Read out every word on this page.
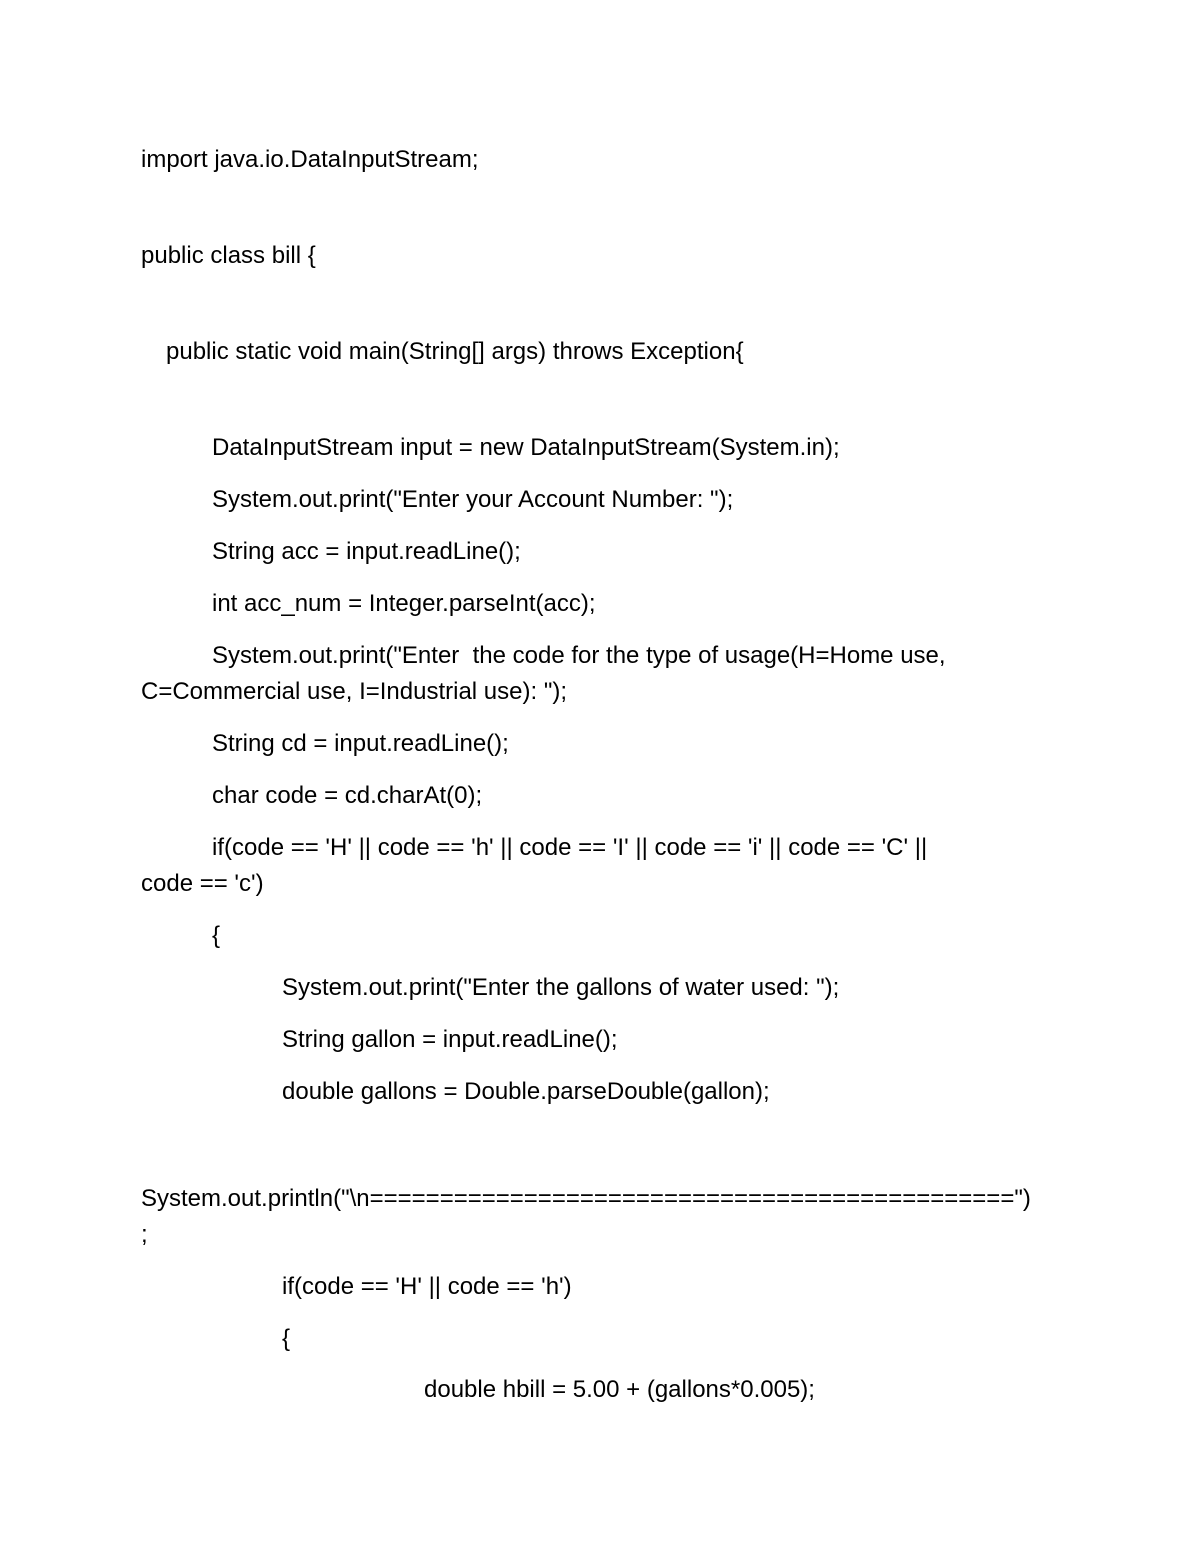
import java.io.DataInputStream;

public class bill {

public static void main(String[] args) throws Exception{

DataInputStream input = new DataInputStream(System.in);

System.out.print("Enter your Account Number: ");

String acc = input.readLine();

int acc_num = Integer.parseInt(acc);

System.out.print("Enter  the code for the type of usage(H=Home use,

C=Commercial use, I=Industrial use): ");

String cd = input.readLine();

char code = cd.charAt(0);

if(code == 'H' || code == 'h' || code == 'I' || code == 'i' || code == 'C' ||

code == 'c')

{

System.out.print("Enter the gallons of water used: ");

String gallon = input.readLine();

double gallons = Double.parseDouble(gallon);

System.out.println("\n==============================================")

;

if(code == 'H' || code == 'h')

{

double hbill = 5.00 + (gallons*0.005);
